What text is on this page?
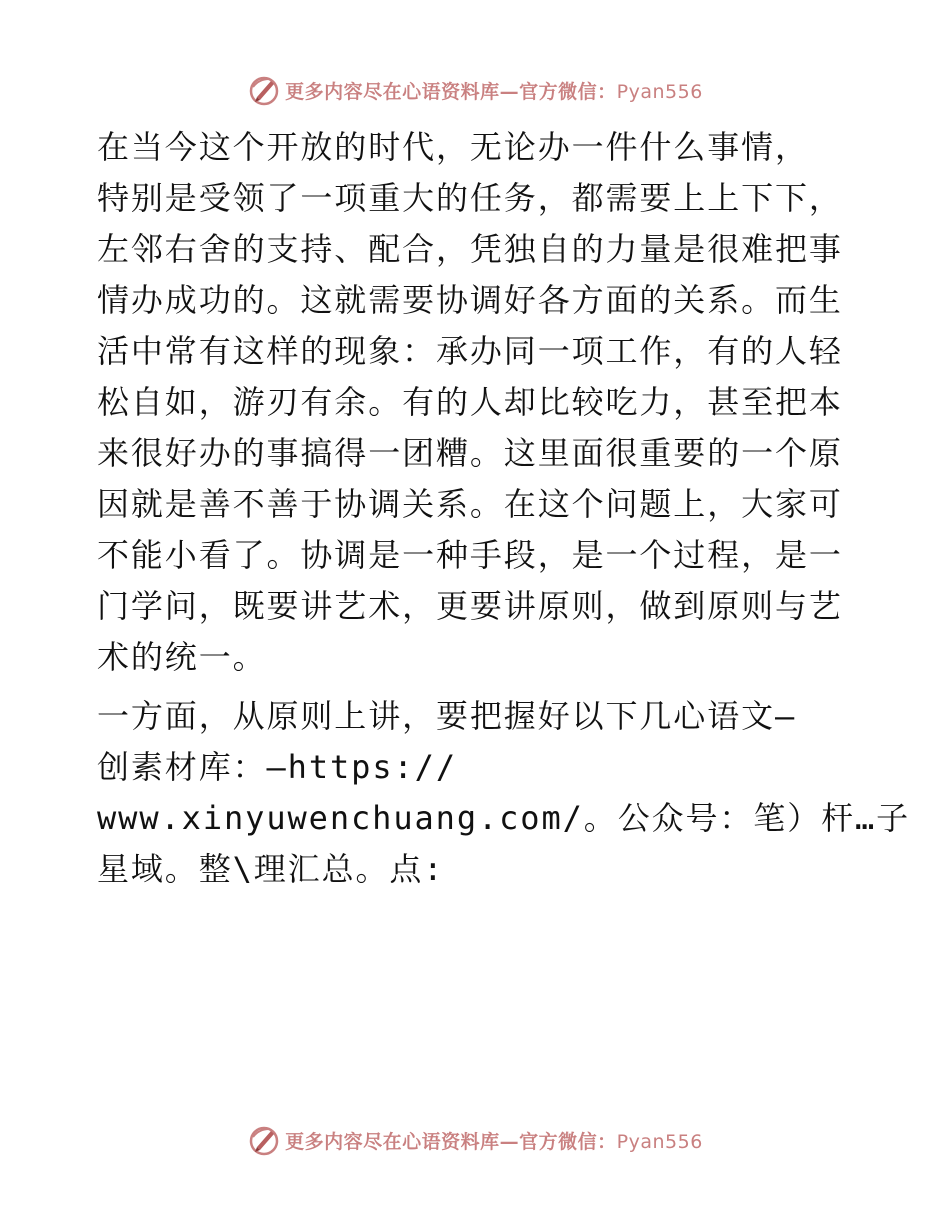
更多内容尽在心语资料库—官方微信：Pyan556

在当今这个开放的时代，无论办一件什么事情，
特别是受领了一项重大的任务，都需要上上下下，
左邻右舍的支持、配合，凭独自的力量是很难把事
情办成功的。这就需要协调好各方面的关系。而生
活中常有这样的现象：承办同一项工作，有的人轻
松自如，游刃有余。有的人却比较吃力，甚至把本
来很好办的事搞得一团糟。这里面很重要的一个原
因就是善不善于协调关系。在这个问题上，大家可
不能小看了。协调是一种手段，是一个过程，是一
门学问，既要讲艺术，更要讲原则，做到原则与艺
术的统一。

一方面，从原则上讲，要把握好以下几心语文—
创素材库：—https://
www.xinyuwenchuang.com/。公众号：笔）杆…子
星域。整\理汇总。点:

更多内容尽在心语资料库—官方微信：Pyan556
